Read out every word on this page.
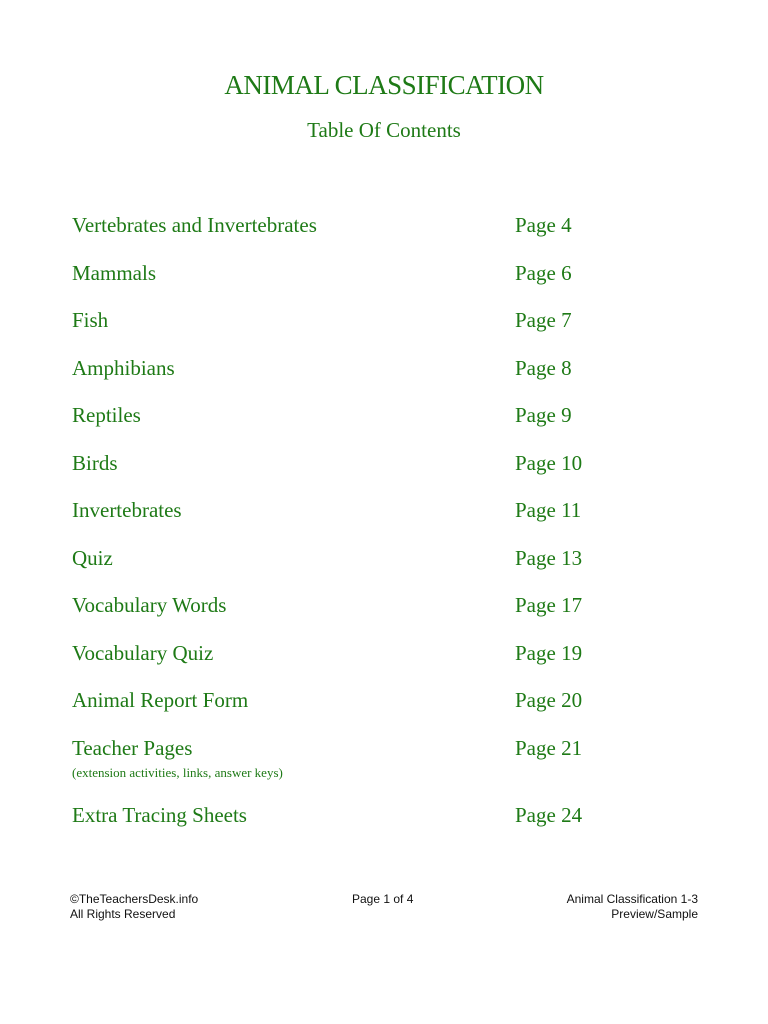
ANIMAL CLASSIFICATION
Table Of Contents
Vertebrates and Invertebrates	Page 4
Mammals	Page 6
Fish	Page 7
Amphibians	Page 8
Reptiles	Page 9
Birds	Page 10
Invertebrates	Page 11
Quiz	Page 13
Vocabulary Words	Page 17
Vocabulary Quiz	Page 19
Animal Report Form	Page 20
Teacher Pages	Page 21
(extension activities, links, answer keys)
Extra Tracing Sheets	Page 24
©TheTeachersDesk.info
All Rights Reserved
Page 1 of 4	Animal Classification 1-3
Preview/Sample
